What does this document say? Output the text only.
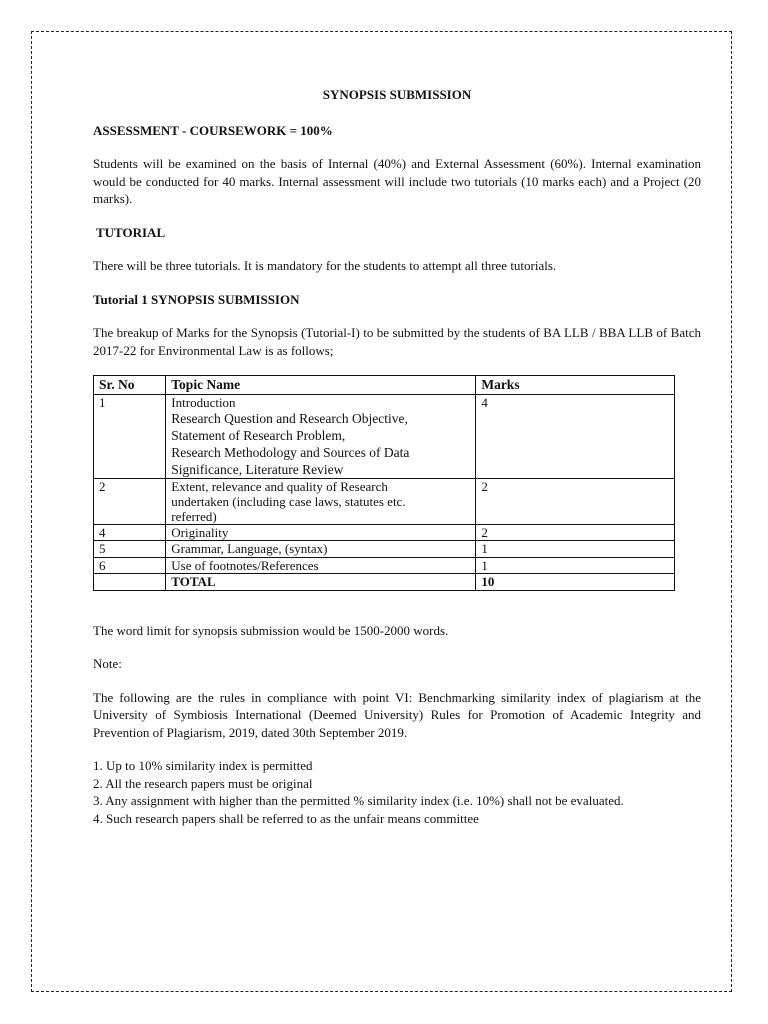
SYNOPSIS SUBMISSION
ASSESSMENT - COURSEWORK = 100%

Students will be examined on the basis of Internal (40%) and External Assessment (60%). Internal examination would be conducted for 40 marks. Internal assessment will include two tutorials (10 marks each) and a Project (20 marks).

TUTORIAL

There will be three tutorials. It is mandatory for the students to attempt all three tutorials.

Tutorial 1 SYNOPSIS SUBMISSION

The breakup of Marks for the Synopsis (Tutorial-I) to be submitted by the students of BA LLB / BBA LLB of Batch 2017-22 for Environmental Law is as follows;

Sr. No	Topic Name	Marks
1	Introduction
Research Question and Research Objective,
Statement of Research Problem,
Research Methodology and Sources of Data
Significance, Literature Review	4
2	Extent, relevance and quality of Research undertaken (including case laws, statutes etc. referred)	2
4	Originality	2
5	Grammar, Language, (syntax)	1
6	Use of footnotes/References	1
	TOTAL	10

The word limit for synopsis submission would be 1500-2000 words.

Note:

The following are the rules in compliance with point VI: Benchmarking similarity index of plagiarism at the University of Symbiosis International (Deemed University) Rules for Promotion of Academic Integrity and Prevention of Plagiarism, 2019, dated 30th September 2019.

1. Up to 10% similarity index is permitted
2. All the research papers must be original
3. Any assignment with higher than the permitted % similarity index (i.e. 10%) shall not be evaluated.
4. Such research papers shall be referred to as the unfair means committee
